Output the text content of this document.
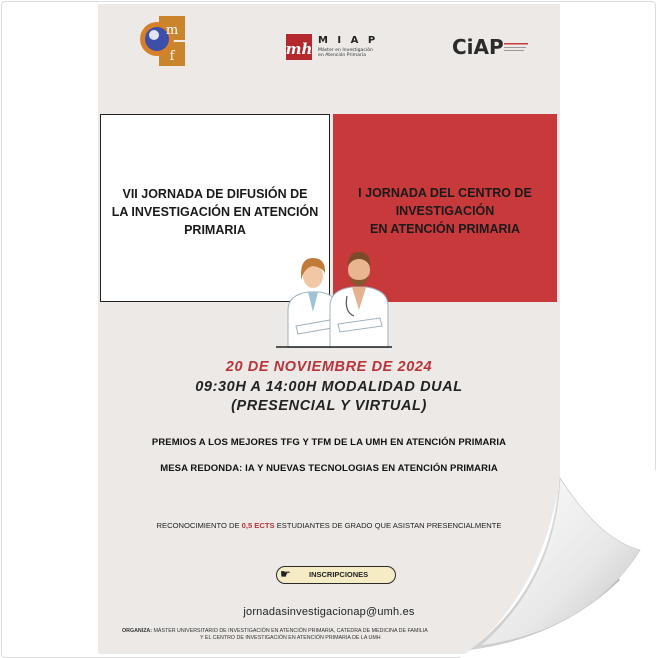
m
f	mh M I A P
Máster en Investigación
en Atención Primaria	CiAP
VII JORNADA DE DIFUSIÓN DE
LA INVESTIGACIÓN EN ATENCIÓN
PRIMARIA
I JORNADA DEL CENTRO DE
INVESTIGACIÓN
EN ATENCIÓN PRIMARIA
20 DE NOVIEMBRE DE 2024
09:30H A 14:00H MODALIDAD DUAL
(PRESENCIAL Y VIRTUAL)
PREMIOS A LOS MEJORES TFG Y TFM DE LA UMH EN ATENCIÓN PRIMARIA
MESA REDONDA: IA Y NUEVAS TECNOLOGIAS EN ATENCIÓN PRIMARIA
RECONOCIMIENTO DE 0,5 ECTS ESTUDIANTES DE GRADO QUE ASISTAN PRESENCIALMENTE
☛ INSCRIPCIONES
jornadasinvestigacionap@umh.es
ORGANIZA: MÁSTER UNIVERSITARIO DE INVESTIGACIÓN EN ATENCIÓN PRIMARIA, CATEDRA DE MEDICINA DE FAMILIA
Y EL CENTRO DE INVESTIGACIÓN EN ATENCIÓN PRIMARIA DE LA UMH
